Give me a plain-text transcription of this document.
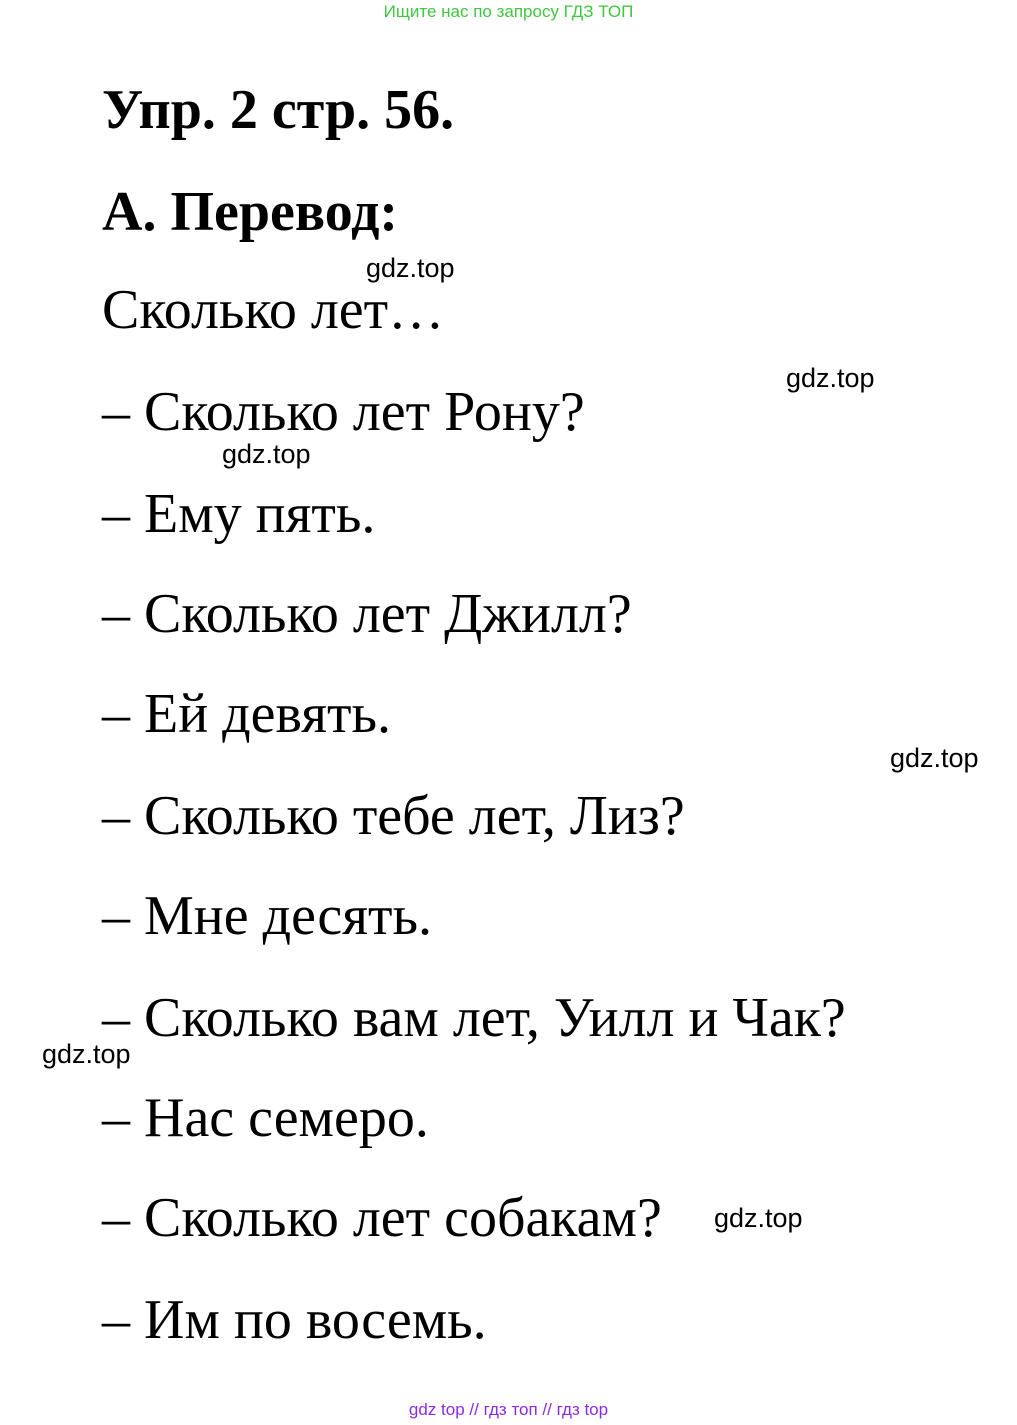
Ищите нас по запросу ГДЗ ТОП
Упр. 2 стр. 56.
A. Перевод:
Сколько лет…
– Сколько лет Рону?
– Ему пять.
– Сколько лет Джилл?
– Ей девять.
– Сколько тебе лет, Лиз?
– Мне десять.
– Сколько вам лет, Уилл и Чак?
– Нас семеро.
– Сколько лет собакам?
– Им по восемь.
gdz.top
gdz.top
gdz.top
gdz.top
gdz.top
gdz.top
gdz top // гдз топ // гдз top
